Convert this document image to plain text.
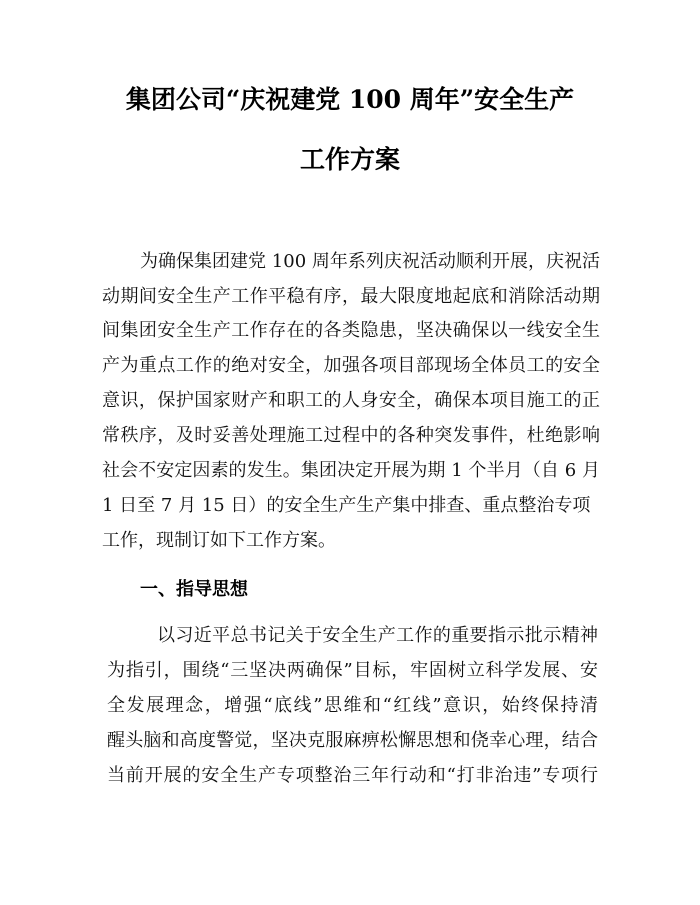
集团公司“庆祝建党 100 周年”安全生产
工作方案
为确保集团建党 100 周年系列庆祝活动顺利开展，庆祝活
动期间安全生产工作平稳有序，最大限度地起底和消除活动期
间集团安全生产工作存在的各类隐患，坚决确保以一线安全生
产为重点工作的绝对安全，加强各项目部现场全体员工的安全
意识，保护国家财产和职工的人身安全，确保本项目施工的正
常秩序，及时妥善处理施工过程中的各种突发事件，杜绝影响
社会不安定因素的发生。集团决定开展为期 1 个半月（自 6 月
1 日至 7 月 15 日）的安全生产生产集中排查、重点整治专项
工作，现制订如下工作方案。
一、指导思想
以习近平总书记关于安全生产工作的重要指示批示精神
为指引，围绕“三坚决两确保”目标，牢固树立科学发展、安
全发展理念，增强“底线”思维和“红线”意识，始终保持清
醒头脑和高度警觉，坚决克服麻痹松懈思想和侥幸心理，结合
当前开展的安全生产专项整治三年行动和“打非治违”专项行
